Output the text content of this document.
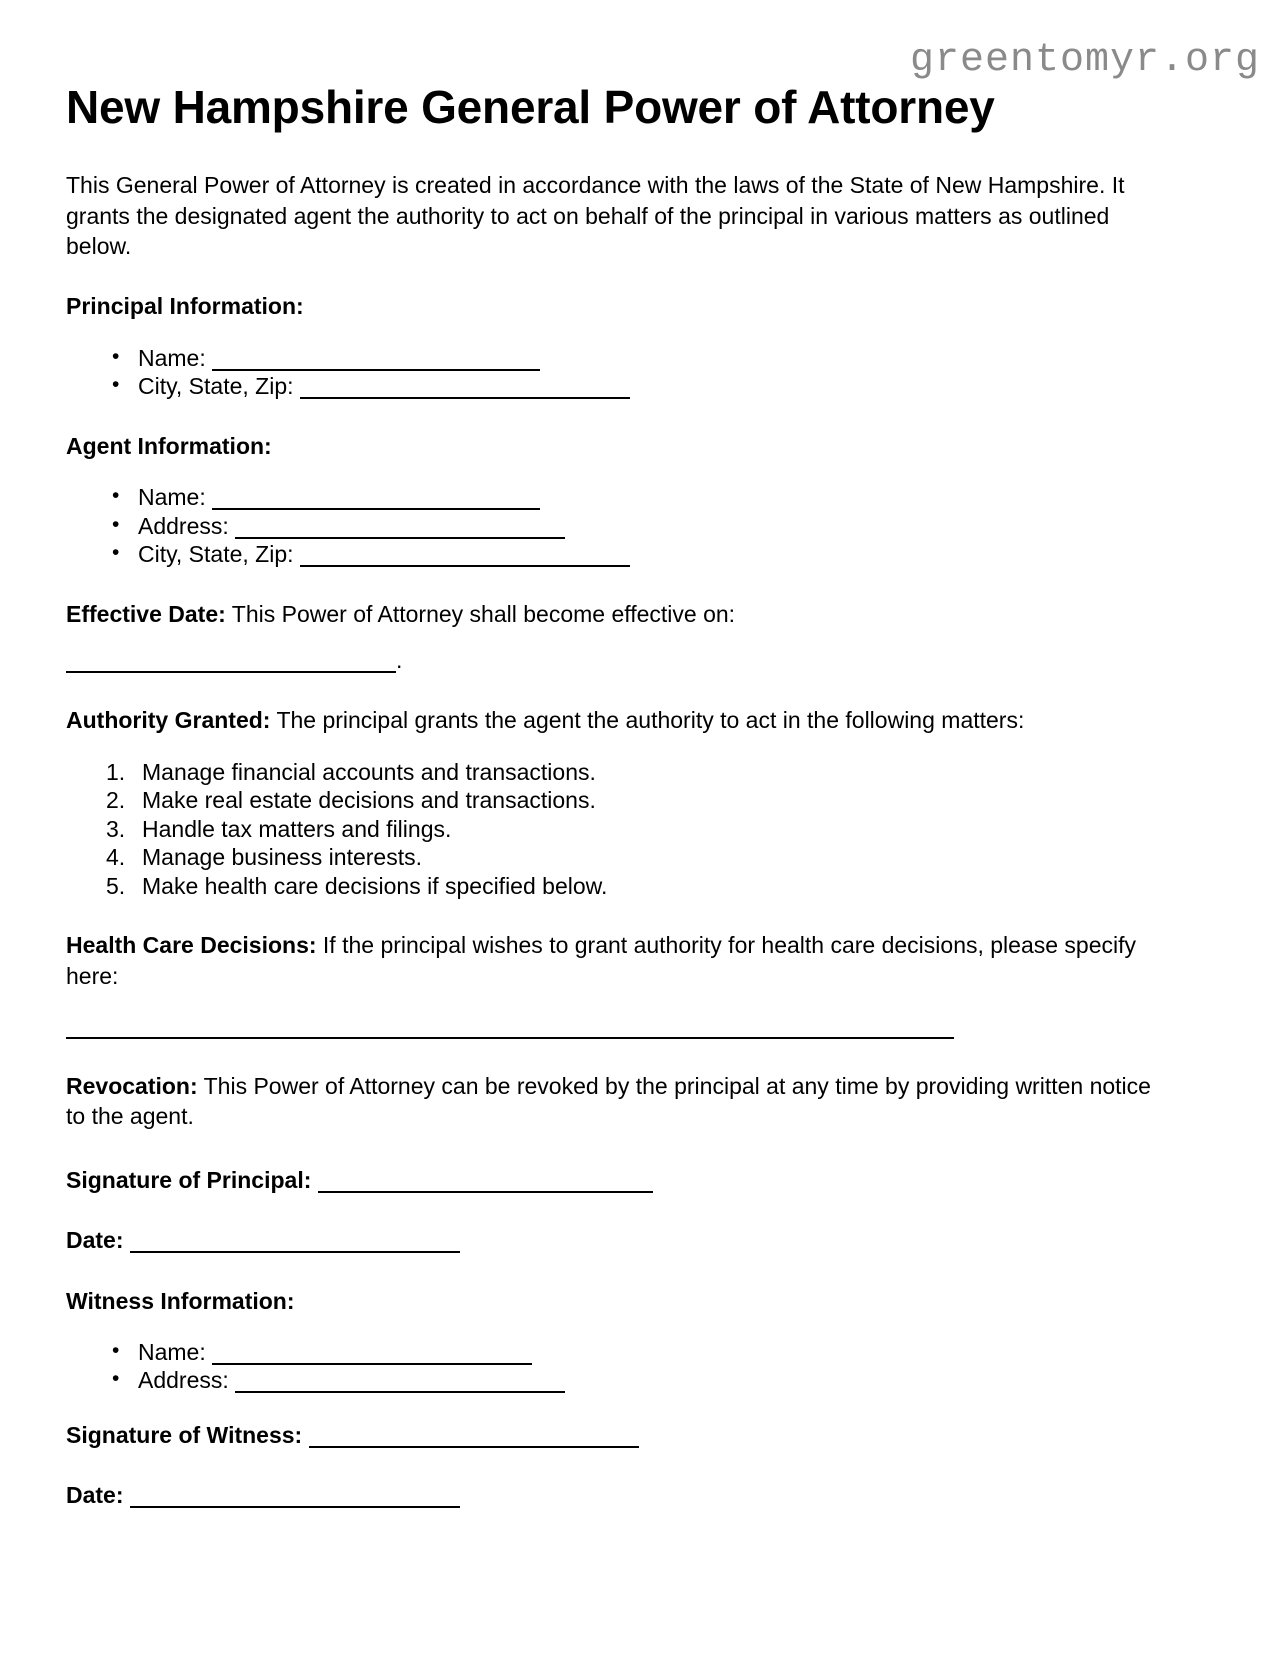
greentomyr.org
New Hampshire General Power of Attorney

This General Power of Attorney is created in accordance with the laws of the State of New Hampshire. It grants the designated agent the authority to act on behalf of the principal in various matters as outlined below.

Principal Information:

• Name:
• City, State, Zip:

Agent Information:

• Name:
• Address:
• City, State, Zip:

Effective Date: This Power of Attorney shall become effective on:

.

Authority Granted: The principal grants the agent the authority to act in the following matters:

Manage financial accounts and transactions.
Make real estate decisions and transactions.
Handle tax matters and filings.
Manage business interests.
Make health care decisions if specified below.

Health Care Decisions: If the principal wishes to grant authority for health care decisions, please specify here:

Revocation: This Power of Attorney can be revoked by the principal at any time by providing written notice to the agent.

Signature of Principal:

Date:

Witness Information:

• Name:
• Address:

Signature of Witness:

Date:
